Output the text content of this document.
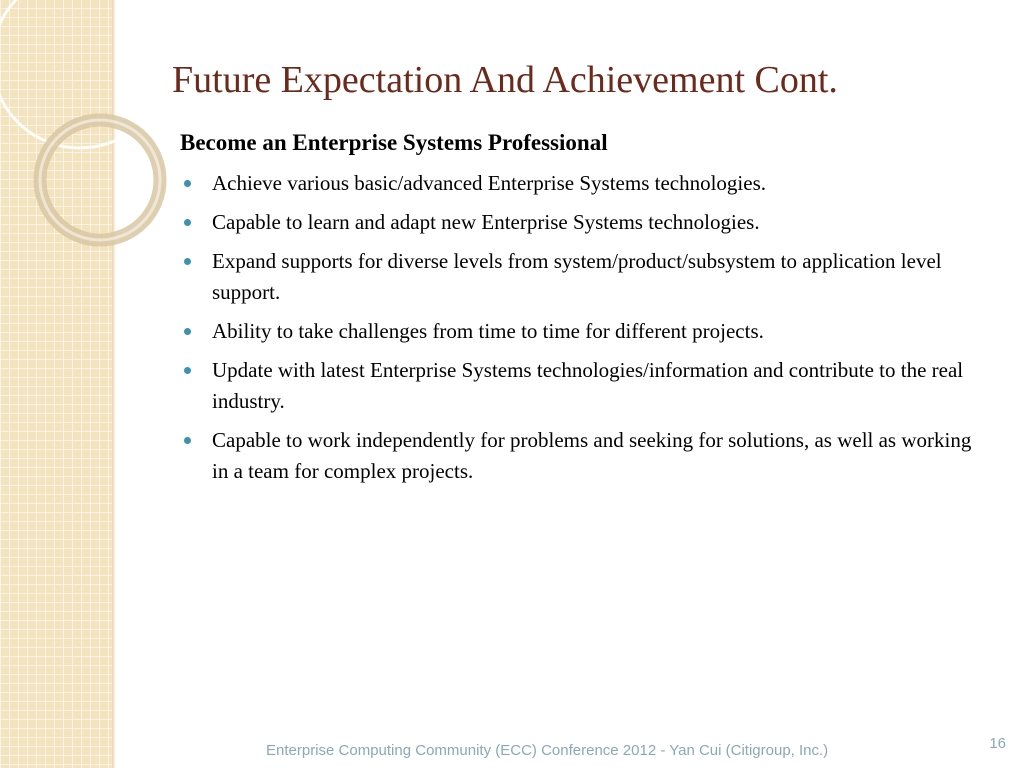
Future Expectation And Achievement Cont.

Become an Enterprise Systems Professional

Achieve various basic/advanced Enterprise Systems technologies.
Capable to learn and adapt new Enterprise Systems technologies.
Expand supports for diverse levels from system/product/subsystem to application level support.
Ability to take challenges from time to time for different projects.
Update with latest Enterprise Systems technologies/information and contribute to the real industry.
Capable to work independently for problems and seeking for solutions, as well as working in a team for complex projects.
Enterprise Computing Community (ECC) Conference 2012 - Yan Cui (Citigroup, Inc.)	16
